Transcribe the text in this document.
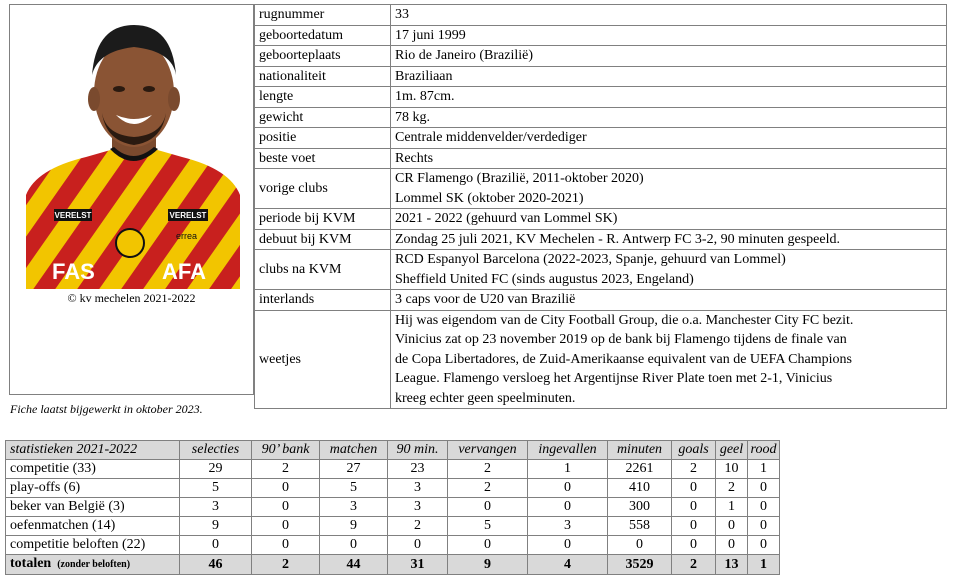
VERELST	VERELST
errea
FAS	AFA
© kv mechelen 2021-2022
rugnummer	33

geboortedatum	17 juni 1999

geboorteplaats	Rio de Janeiro (Brazilië)

nationaliteit	Braziliaan

lengte	1m. 87cm.

gewicht	78 kg.

positie	Centrale middenvelder/verdediger

beste voet	Rechts

vorige clubs	CR Flamengo (Brazilië, 2011-oktober 2020)
Lommel SK (oktober 2020-2021)

periode bij KVM	2021 - 2022 (gehuurd van Lommel SK)

debuut bij KVM	Zondag 25 juli 2021, KV Mechelen - R. Antwerp FC 3-2, 90 minuten gespeeld.

clubs na KVM	RCD Espanyol Barcelona (2022-2023, Spanje, gehuurd van Lommel)
Sheffield United FC (sinds augustus 2023, Engeland)

interlands	3 caps voor de U20 van Brazilië

weetjes	Hij was eigendom van de City Football Group, die o.a. Manchester City FC bezit.
Vinicius zat op 23 november 2019 op de bank bij Flamengo tijdens de finale van
de Copa Libertadores, de Zuid-Amerikaanse equivalent van de UEFA Champions
League. Flamengo versloeg het Argentijnse River Plate toen met 2-1, Vinicius
kreeg echter geen speelminuten.
Fiche laatst bijgewerkt in oktober 2023.
statistieken 2021-2022	selecties	90’ bank	matchen	90 min.	vervangen	ingevallen	minuten	goals	geel	rood
competitie (33)	29	2	27	23	2	1	2261	2	10	1
play-offs (6)	5	0	5	3	2	0	410	0	2	0
beker van België (3)	3	0	3	3	0	0	300	0	1	0
oefenmatchen (14)	9	0	9	2	5	3	558	0	0	0
competitie beloften (22)	0	0	0	0	0	0	0	0	0	0
totalen (zonder beloften)	46	2	44	31	9	4	3529	2	13	1
